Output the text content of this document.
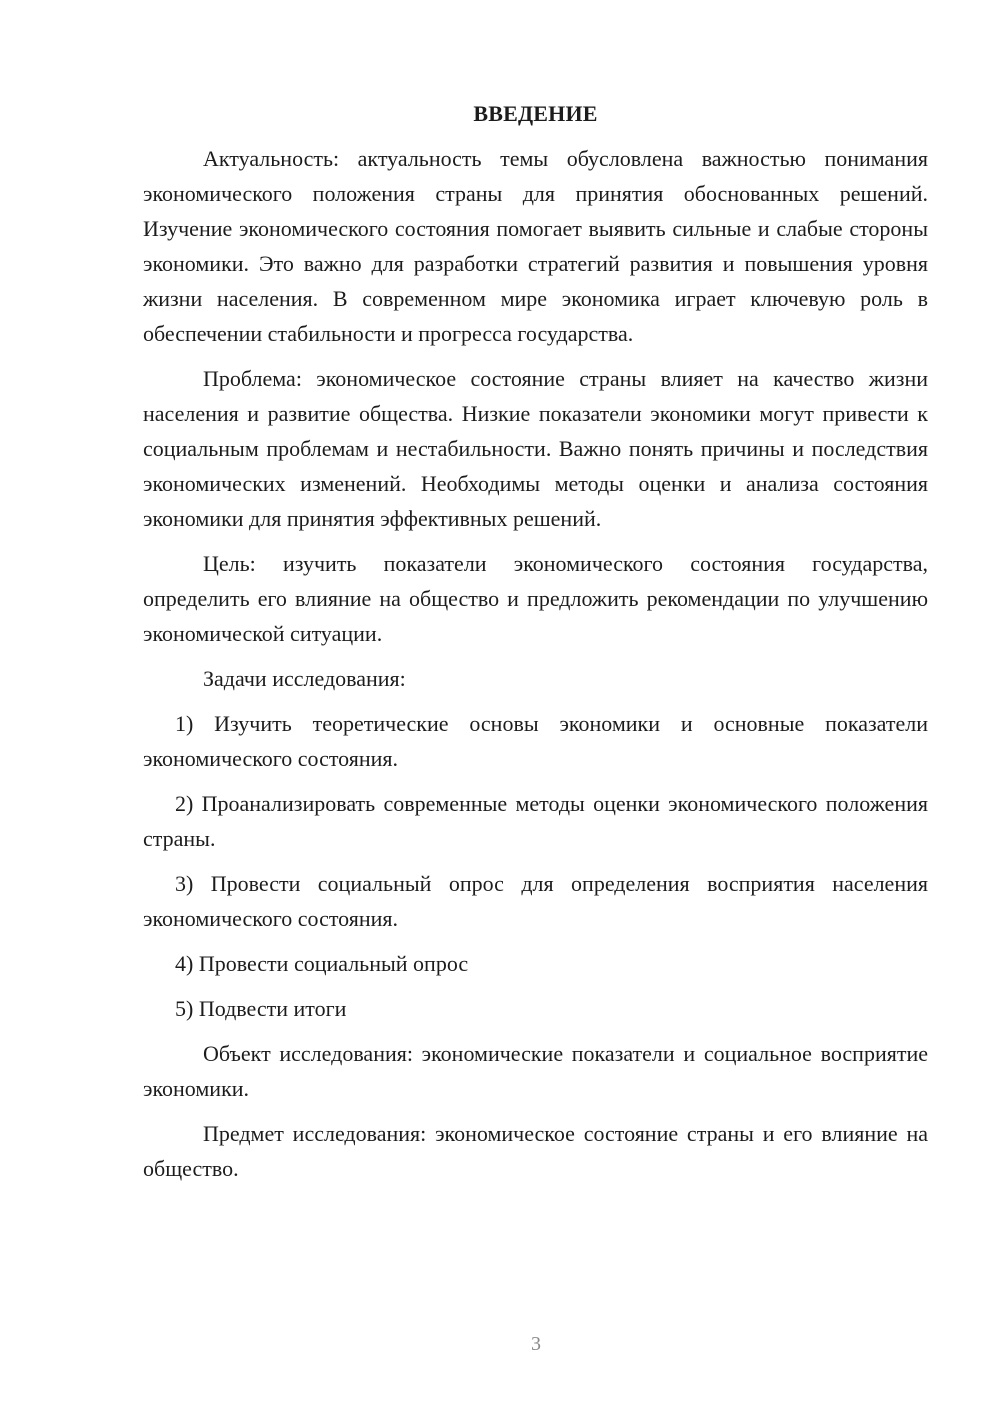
ВВЕДЕНИЕ
Актуальность: актуальность темы обусловлена важностью понимания экономического положения страны для принятия обоснованных решений. Изучение экономического состояния помогает выявить сильные и слабые стороны экономики. Это важно для разработки стратегий развития и повышения уровня жизни населения. В современном мире экономика играет ключевую роль в обеспечении стабильности и прогресса государства.
Проблема: экономическое состояние страны влияет на качество жизни населения и развитие общества. Низкие показатели экономики могут привести к социальным проблемам и нестабильности. Важно понять причины и последствия экономических изменений. Необходимы методы оценки и анализа состояния экономики для принятия эффективных решений.
Цель: изучить показатели экономического состояния государства, определить его влияние на общество и предложить рекомендации по улучшению экономической ситуации.
Задачи исследования:
1) Изучить теоретические основы экономики и основные показатели экономического состояния.
2) Проанализировать современные методы оценки экономического положения страны.
3) Провести социальный опрос для определения восприятия населения экономического состояния.
4) Провести социальный опрос
5) Подвести итоги
Объект исследования: экономические показатели и социальное восприятие экономики.
Предмет исследования: экономическое состояние страны и его влияние на общество.
3
